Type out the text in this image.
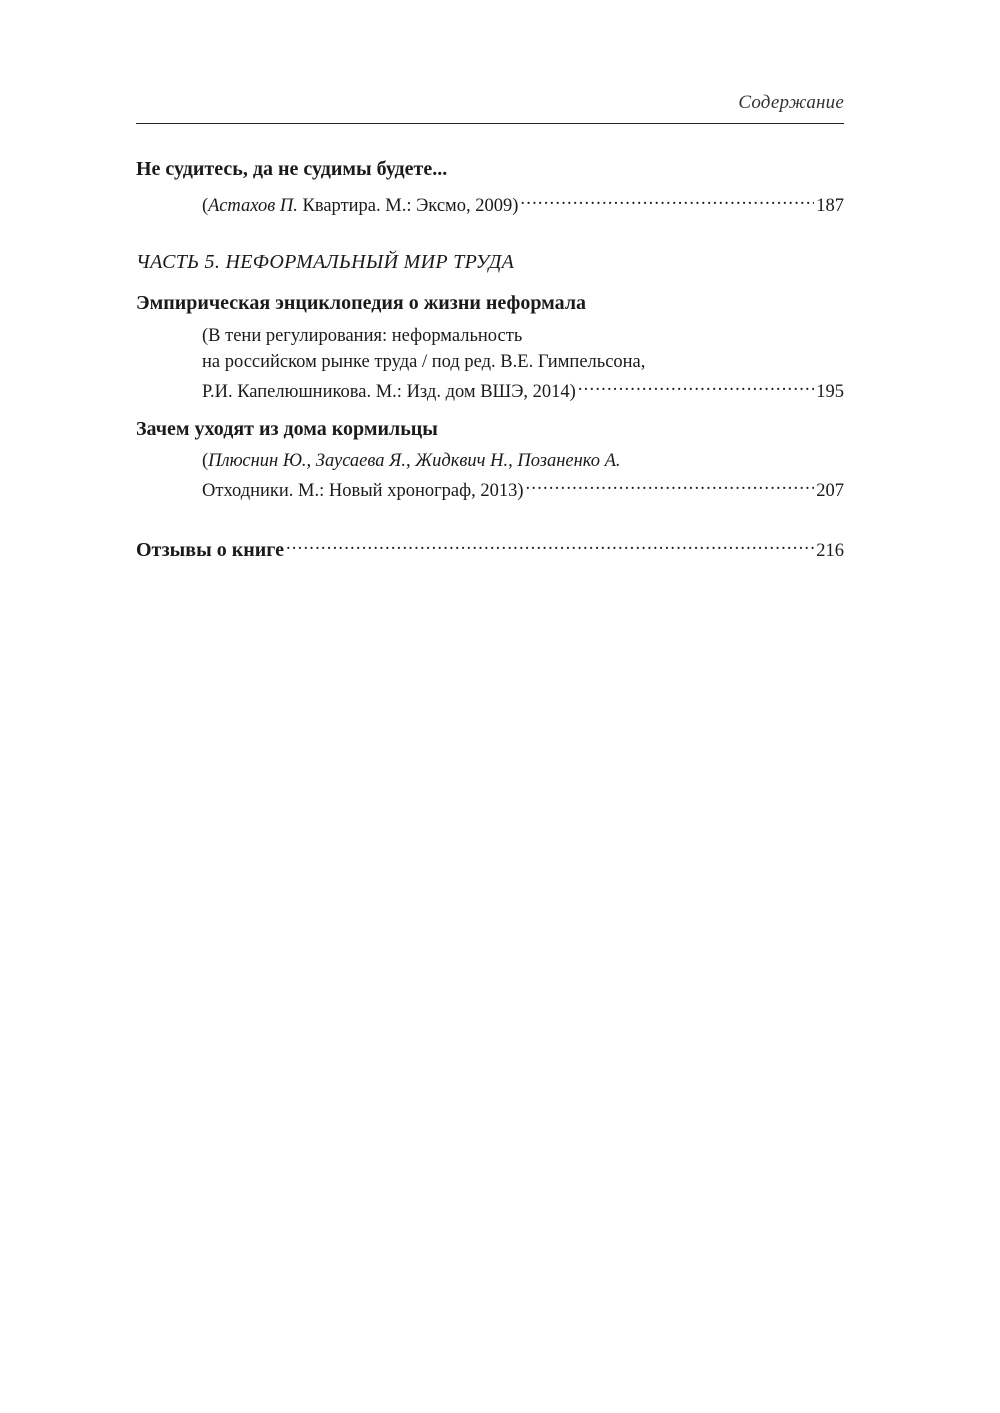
Содержание
Не судитесь, да не судимы будете...
(Астахов П. Квартира. М.: Эксмо, 2009) .....	187
ЧАСТЬ 5. НЕФОРМАЛЬНЫЙ МИР ТРУДА
Эмпирическая энциклопедия о жизни неформала
(В тени регулирования: неформальность
на российском рынке труда / под ред. В.Е. Гимпельсона,
Р.И. Капелюшникова. М.: Изд. дом ВШЭ, 2014) .....	195
Зачем уходят из дома кормильцы
(Плюснин Ю., Заусаева Я., Жидквич Н., Позаненко А.
Отходники. М.: Новый хронограф, 2013) .....	207
Отзывы о книге .....	216
